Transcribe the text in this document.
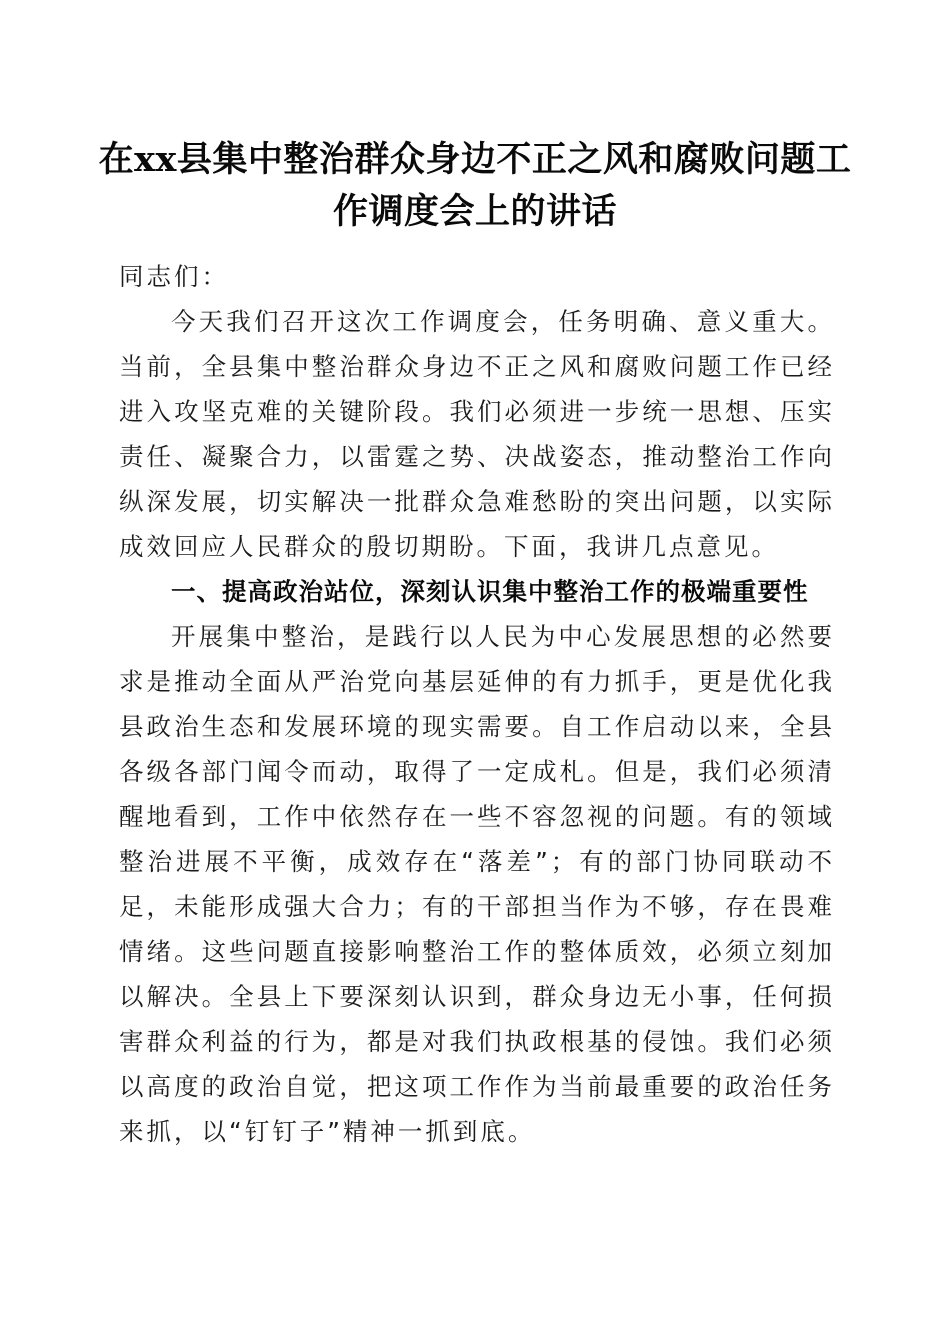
在xx县集中整治群众身边不正之风和腐败问题工作调度会上的讲话

同志们：

今天我们召开这次工作调度会，任务明确、意义重大。当前，全县集中整治群众身边不正之风和腐败问题工作已经进入攻坚克难的关键阶段。我们必须进一步统一思想、压实责任、凝聚合力，以雷霆之势、决战姿态，推动整治工作向纵深发展，切实解决一批群众急难愁盼的突出问题，以实际成效回应人民群众的殷切期盼。下面，我讲几点意见。

一、提高政治站位，深刻认识集中整治工作的极端重要性

开展集中整治，是践行以人民为中心发展思想的必然要求是推动全面从严治党向基层延伸的有力抓手，更是优化我县政治生态和发展环境的现实需要。自工作启动以来，全县各级各部门闻令而动，取得了一定成札。但是，我们必须清醒地看到，工作中依然存在一些不容忽视的问题。有的领域整治进展不平衡，成效存在“落差”；有的部门协同联动不足，未能形成强大合力；有的干部担当作为不够，存在畏难情绪。这些问题直接影响整治工作的整体质效，必须立刻加以解决。全县上下要深刻认识到，群众身边无小事，任何损害群众利益的行为，都是对我们执政根基的侵蚀。我们必须以高度的政治自觉，把这项工作作为当前最重要的政治任务来抓，以“钉钉子”精神一抓到底。
